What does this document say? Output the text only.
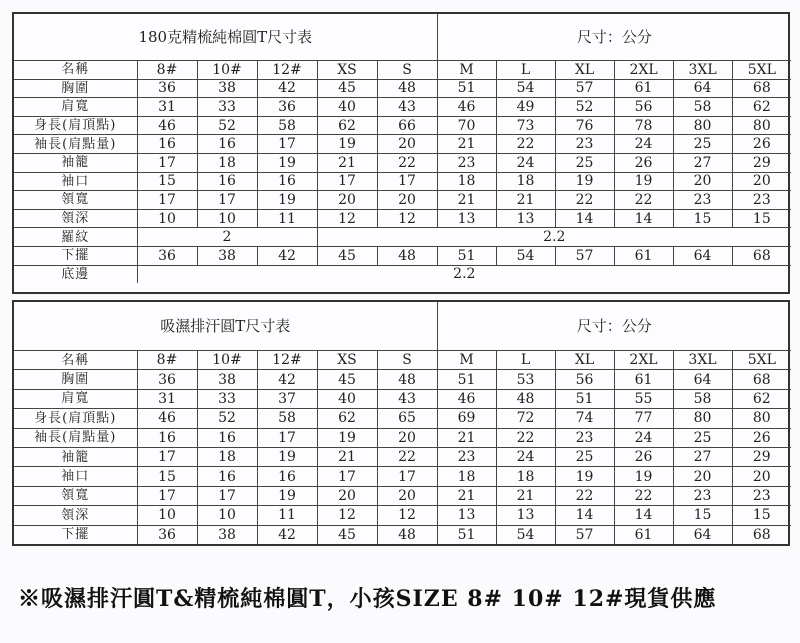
180克精梳純棉圓T尺寸表	尺寸：公分
名稱	8#	10#	12#	XS	S	M	L	XL	2XL	3XL	5XL
胸圍	36	38	42	45	48	51	54	57	61	64	68
肩寬	31	33	36	40	43	46	49	52	56	58	62
身長(肩頂點)	46	52	58	62	66	70	73	76	78	80	80
袖長(肩點量)	16	16	17	19	20	21	22	23	24	25	26
袖籠	17	18	19	21	22	23	24	25	26	27	29
袖口	15	16	16	17	17	18	18	19	19	20	20
領寬	17	17	19	20	20	21	21	22	22	23	23
領深	10	10	11	12	12	13	13	14	14	15	15
羅紋	2	2.2
下擺	36	38	42	45	48	51	54	57	61	64	68
底邊	2.2
吸濕排汗圓T尺寸表	尺寸：公分
名稱	8#	10#	12#	XS	S	M	L	XL	2XL	3XL	5XL
胸圍	36	38	42	45	48	51	53	56	61	64	68
肩寬	31	33	37	40	43	46	48	51	55	58	62
身長(肩頂點)	46	52	58	62	65	69	72	74	77	80	80
袖長(肩點量)	16	16	17	19	20	21	22	23	24	25	26
袖籠	17	18	19	21	22	23	24	25	26	27	29
袖口	15	16	16	17	17	18	18	19	19	20	20
領寬	17	17	19	20	20	21	21	22	22	23	23
領深	10	10	11	12	12	13	13	14	14	15	15
下擺	36	38	42	45	48	51	54	57	61	64	68
※吸濕排汗圓T&精梳純棉圓T，小孩SIZE 8# 10# 12#現貨供應
